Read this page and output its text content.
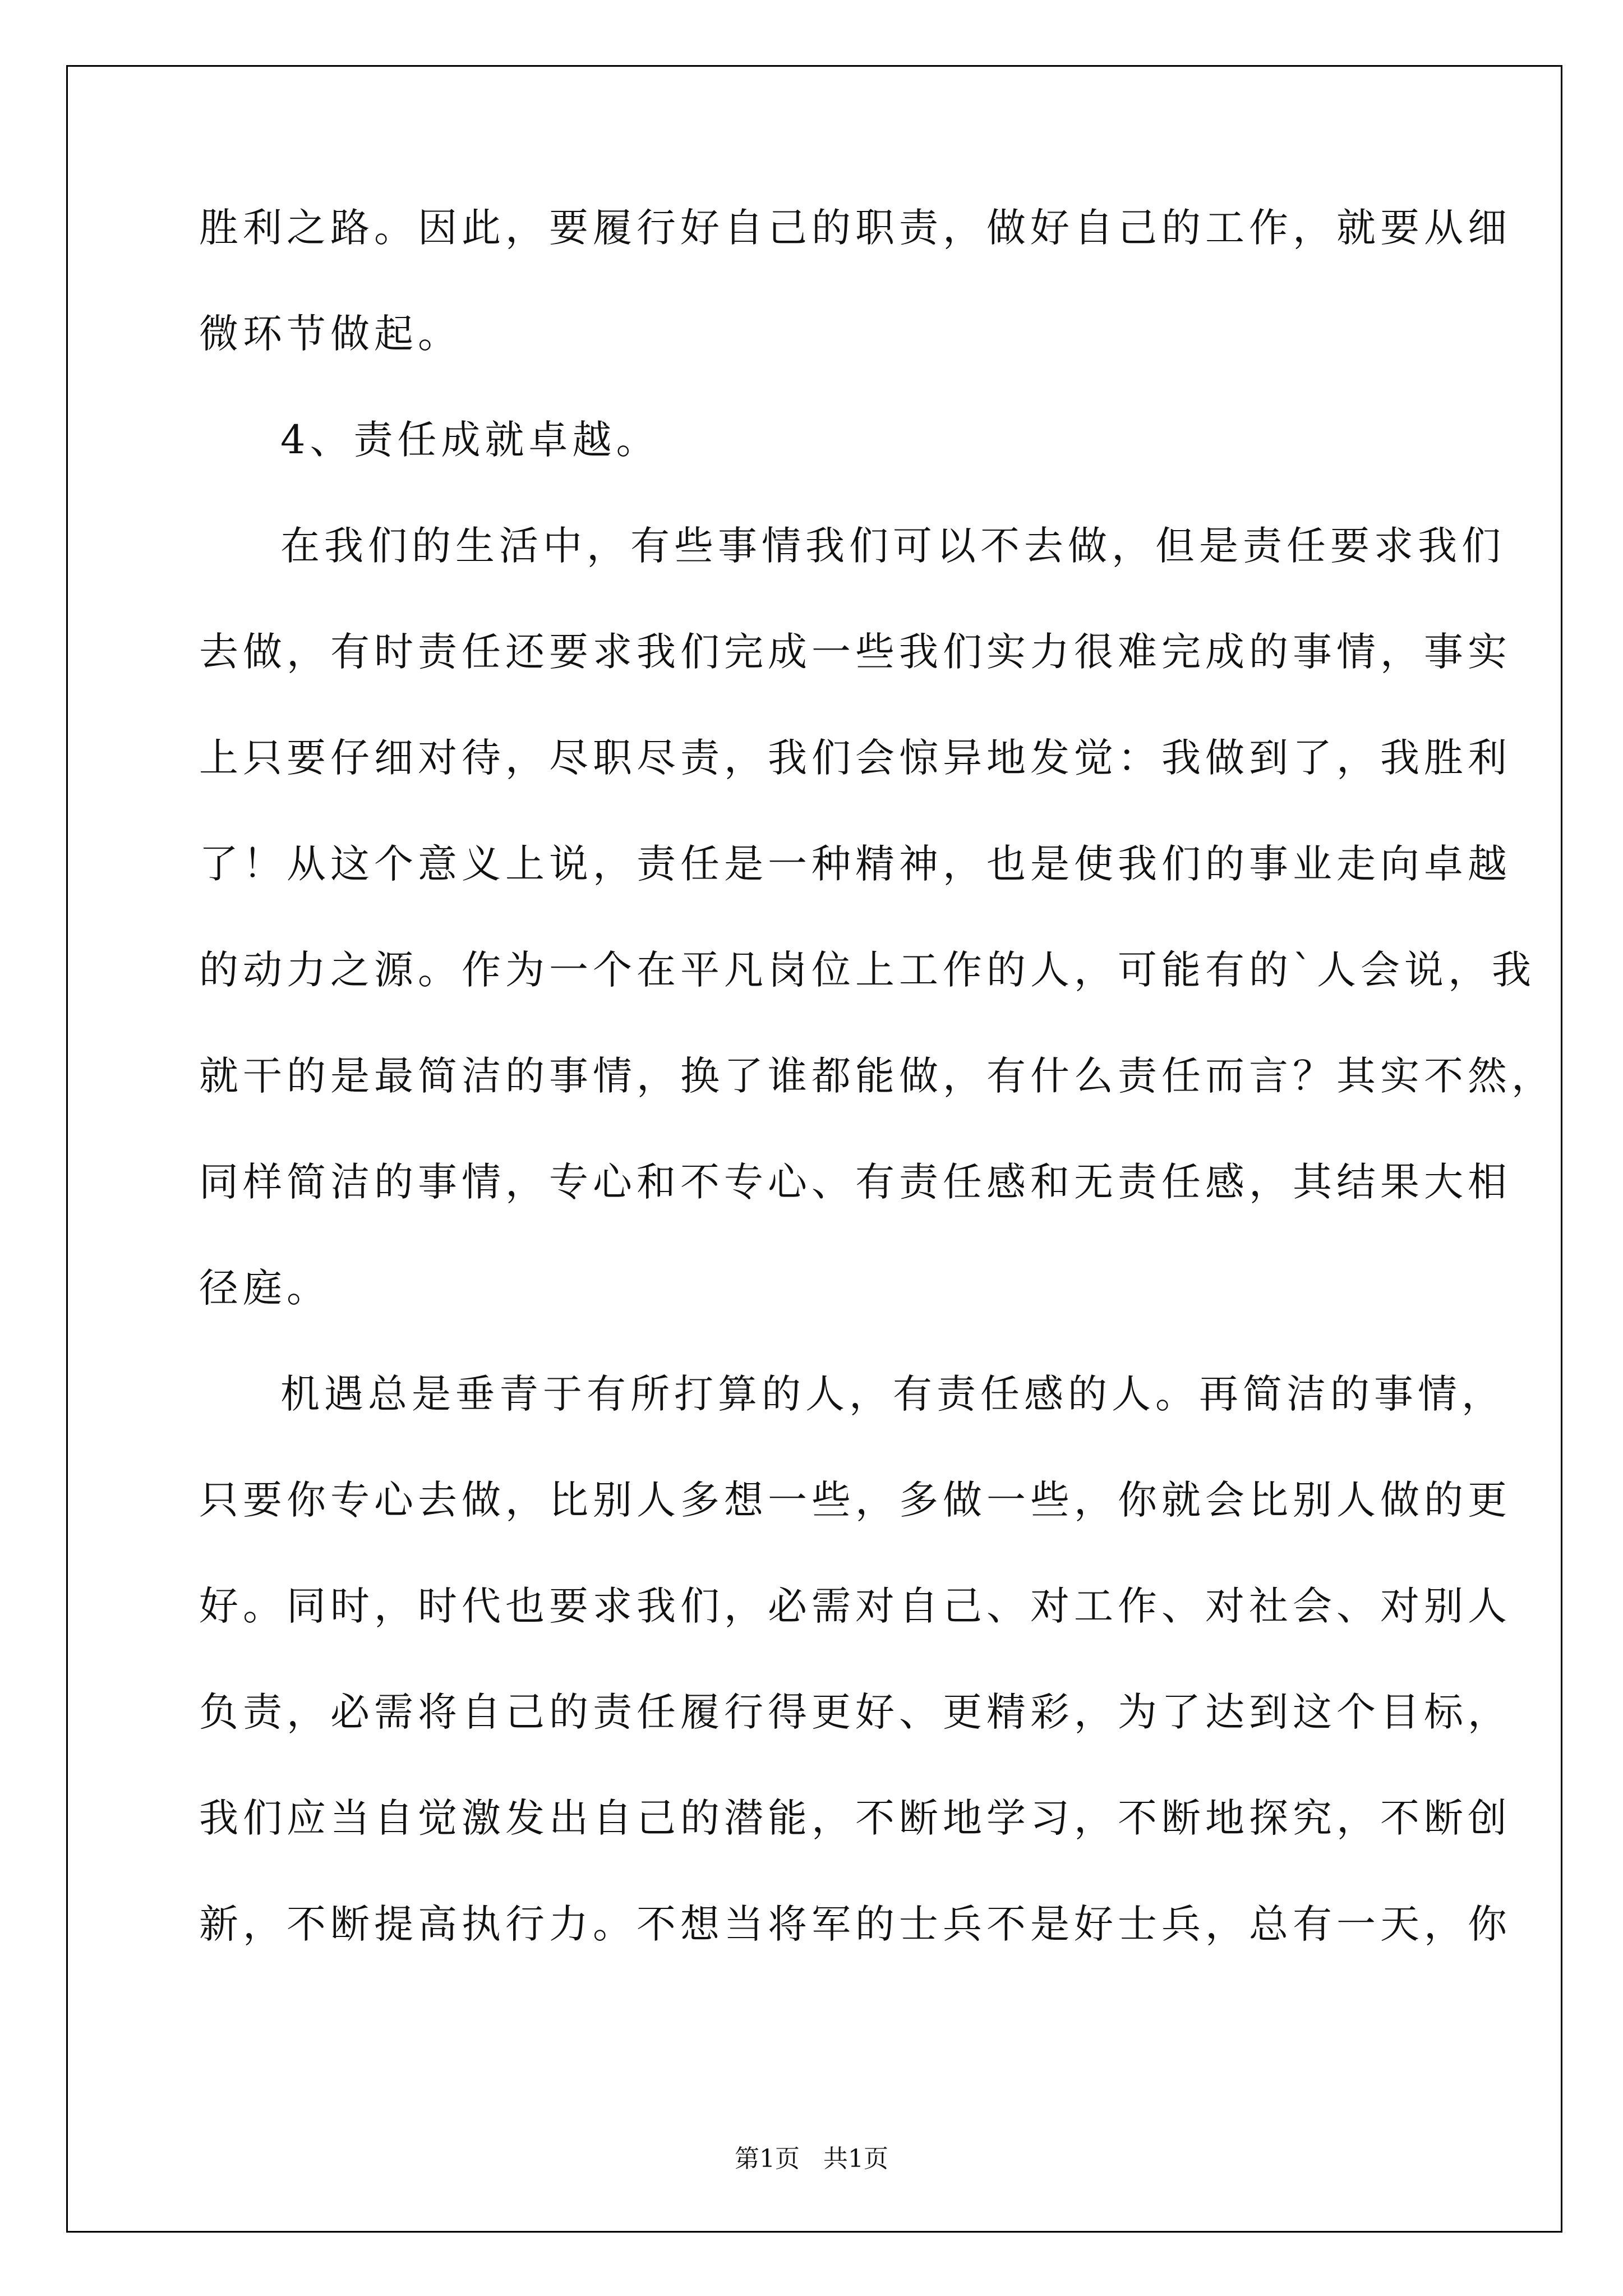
胜利之路。因此，要履行好自己的职责，做好自己的工作，就要从细
微环节做起。
4、责任成就卓越。
在我们的生活中，有些事情我们可以不去做，但是责任要求我们
去做，有时责任还要求我们完成一些我们实力很难完成的事情，事实
上只要仔细对待，尽职尽责，我们会惊异地发觉：我做到了，我胜利
了！从这个意义上说，责任是一种精神，也是使我们的事业走向卓越
的动力之源。作为一个在平凡岗位上工作的人，可能有的`人会说，我
就干的是最简洁的事情，换了谁都能做，有什么责任而言？其实不然，
同样简洁的事情，专心和不专心、有责任感和无责任感，其结果大相
径庭。
机遇总是垂青于有所打算的人，有责任感的人。再简洁的事情，
只要你专心去做，比别人多想一些，多做一些，你就会比别人做的更
好。同时，时代也要求我们，必需对自己、对工作、对社会、对别人
负责，必需将自己的责任履行得更好、更精彩，为了达到这个目标，
我们应当自觉激发出自己的潜能，不断地学习，不断地探究，不断创
新，不断提高执行力。不想当将军的士兵不是好士兵，总有一天，你
第1页   共1页
